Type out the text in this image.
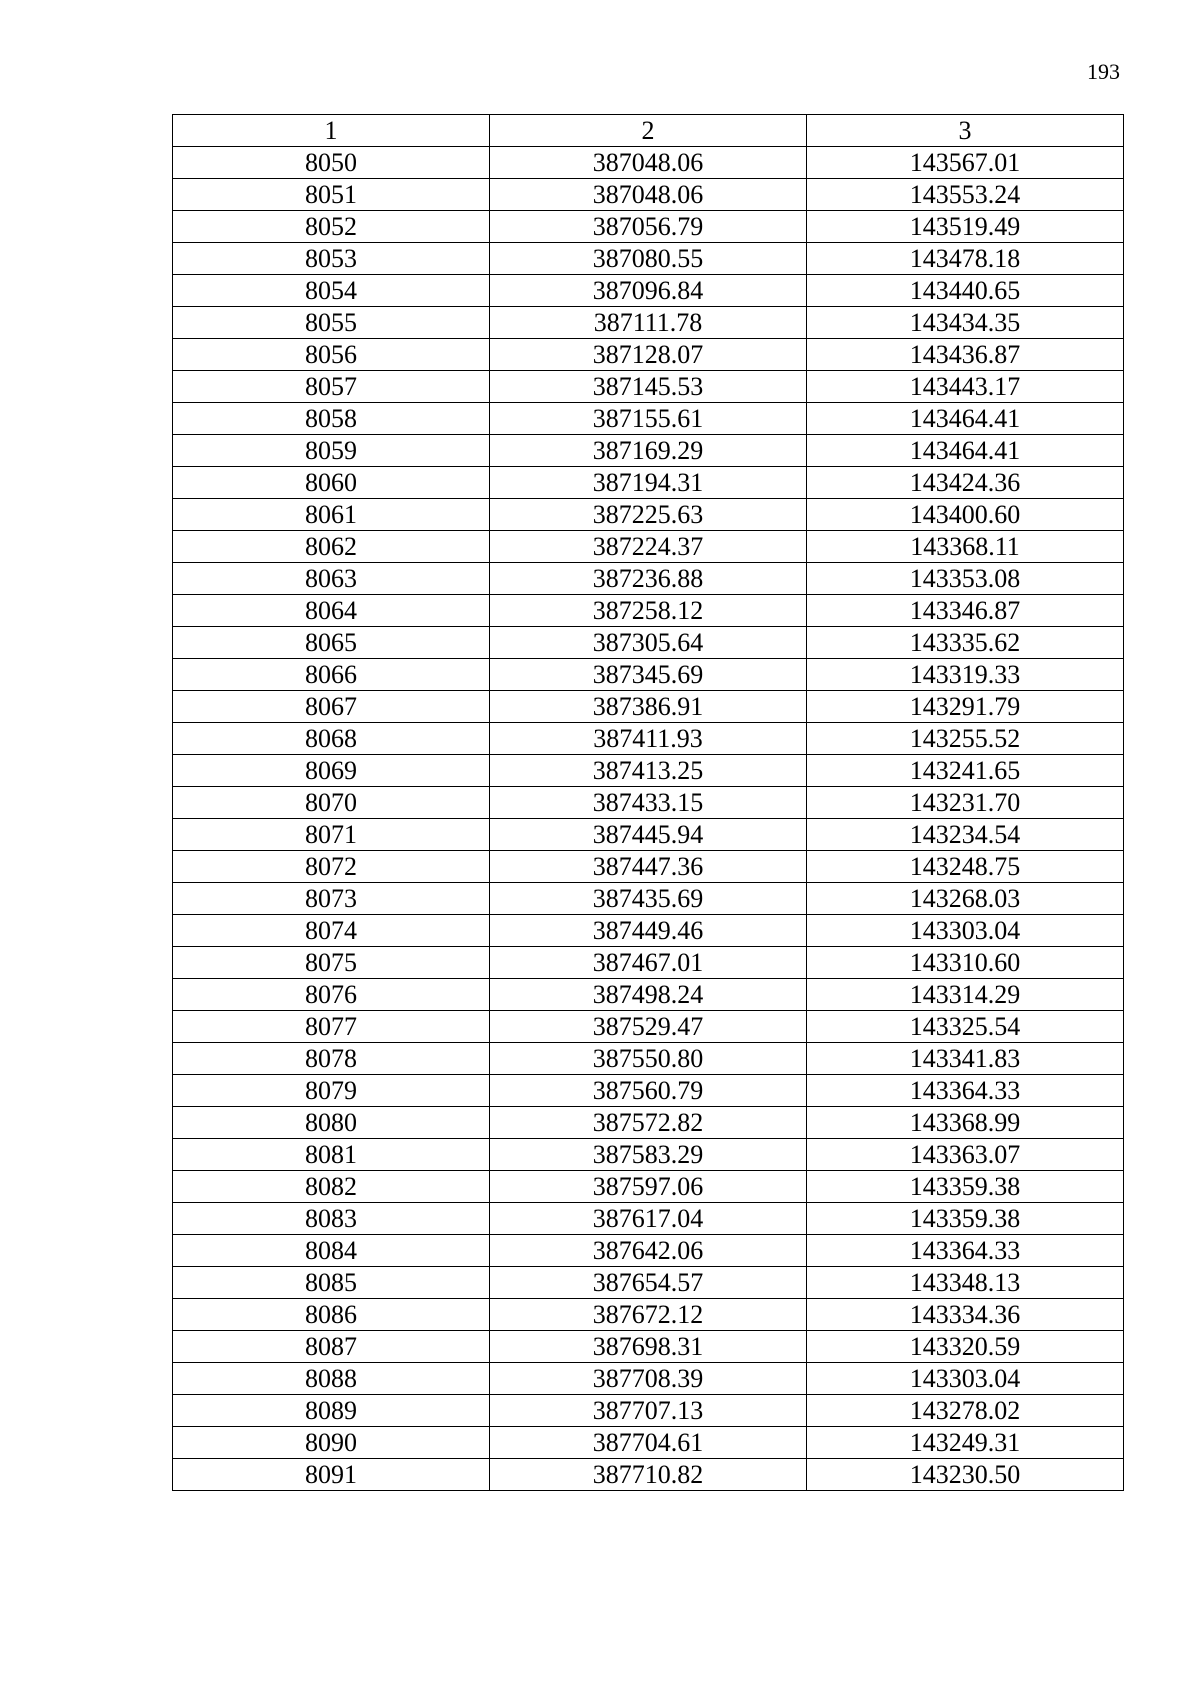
193
1	2	3
8050	387048.06	143567.01
8051	387048.06	143553.24
8052	387056.79	143519.49
8053	387080.55	143478.18
8054	387096.84	143440.65
8055	387111.78	143434.35
8056	387128.07	143436.87
8057	387145.53	143443.17
8058	387155.61	143464.41
8059	387169.29	143464.41
8060	387194.31	143424.36
8061	387225.63	143400.60
8062	387224.37	143368.11
8063	387236.88	143353.08
8064	387258.12	143346.87
8065	387305.64	143335.62
8066	387345.69	143319.33
8067	387386.91	143291.79
8068	387411.93	143255.52
8069	387413.25	143241.65
8070	387433.15	143231.70
8071	387445.94	143234.54
8072	387447.36	143248.75
8073	387435.69	143268.03
8074	387449.46	143303.04
8075	387467.01	143310.60
8076	387498.24	143314.29
8077	387529.47	143325.54
8078	387550.80	143341.83
8079	387560.79	143364.33
8080	387572.82	143368.99
8081	387583.29	143363.07
8082	387597.06	143359.38
8083	387617.04	143359.38
8084	387642.06	143364.33
8085	387654.57	143348.13
8086	387672.12	143334.36
8087	387698.31	143320.59
8088	387708.39	143303.04
8089	387707.13	143278.02
8090	387704.61	143249.31
8091	387710.82	143230.50
